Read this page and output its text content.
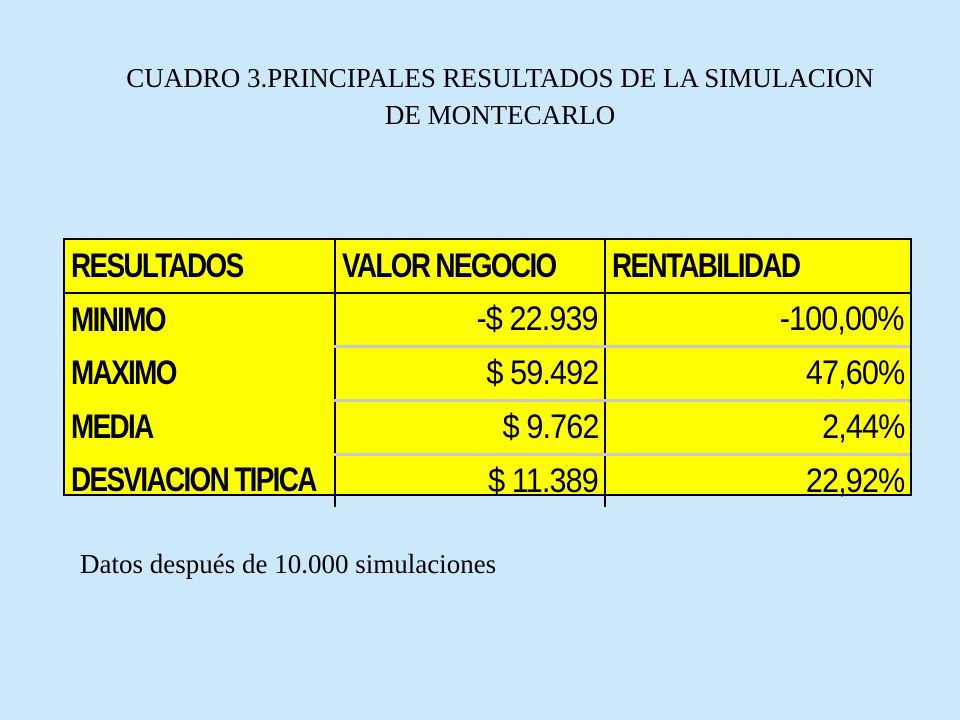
CUADRO 3.PRINCIPALES RESULTADOS DE LA SIMULACION
DE MONTECARLO
RESULTADOS	VALOR NEGOCIO	RENTABILIDAD
MINIMO	-$ 22.939	-100,00%
MAXIMO	$ 59.492	47,60%
MEDIA	$ 9.762	2,44%
DESVIACION TIPICA	$ 11.389	22,92%
Datos después de 10.000 simulaciones
